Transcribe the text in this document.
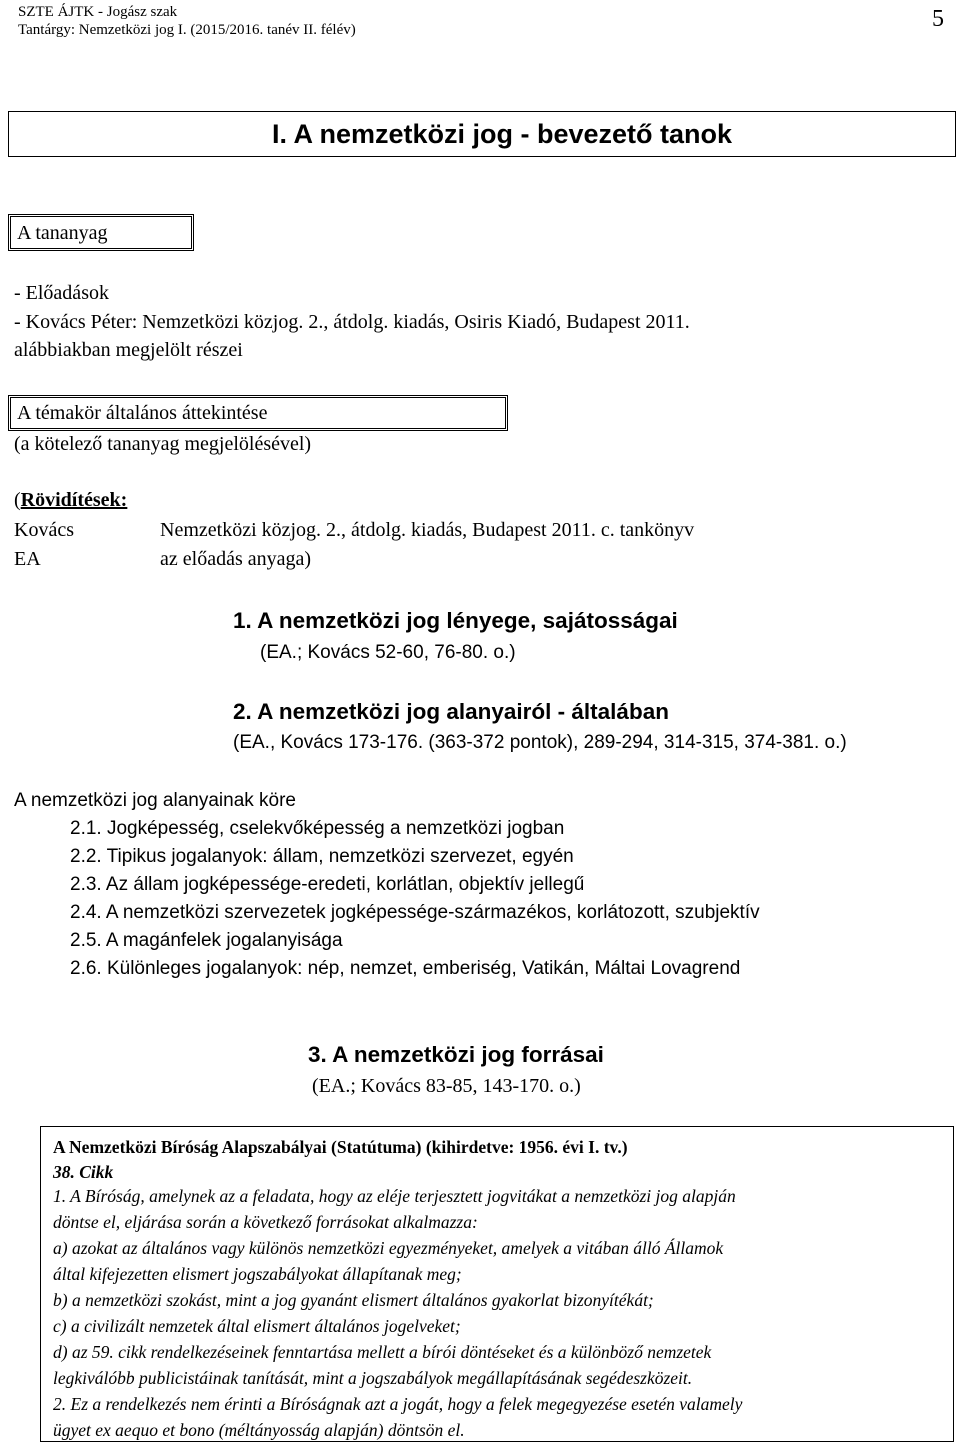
SZTE ÁJTK - Jogász szak
Tantárgy: Nemzetközi jog I. (2015/2016. tanév II. félév)	5
I. A nemzetközi jog - bevezető tanok
A tananyag
- Előadások
- Kovács Péter: Nemzetközi közjog. 2., átdolg. kiadás, Osiris Kiadó, Budapest 2011.
alábbiakban megjelölt részei
A témakör általános áttekintése
(a kötelező tananyag megjelölésével)
(Rövidítések:
Kovács	Nemzetközi közjog. 2., átdolg. kiadás, Budapest 2011. c. tankönyv
EA	az előadás anyaga)
1. A nemzetközi jog lényege, sajátosságai
(EA.; Kovács 52-60, 76-80. o.)
2. A nemzetközi jog alanyairól - általában
(EA., Kovács 173-176. (363-372 pontok), 289-294, 314-315, 374-381. o.)
A nemzetközi jog alanyainak köre
2.1. Jogképesség, cselekvőképesség a nemzetközi jogban
2.2. Tipikus jogalanyok: állam, nemzetközi szervezet, egyén
2.3. Az állam jogképessége-eredeti, korlátlan, objektív jellegű
2.4. A nemzetközi szervezetek jogképessége-származékos, korlátozott, szubjektív
2.5. A magánfelek jogalanyisága
2.6. Különleges jogalanyok: nép, nemzet, emberiség, Vatikán, Máltai Lovagrend
3. A nemzetközi jog forrásai
(EA.; Kovács 83-85, 143-170. o.)
A Nemzetközi Bíróság Alapszabályai (Statútuma) (kihirdetve: 1956. évi I. tv.)
38. Cikk
1. A Bíróság, amelynek az a feladata, hogy az eléje terjesztett jogvitákat a nemzetközi jog alapján
döntse el, eljárása során a következő forrásokat alkalmazza:
a) azokat az általános vagy különös nemzetközi egyezményeket, amelyek a vitában álló Államok
által kifejezetten elismert jogszabályokat állapítanak meg;
b) a nemzetközi szokást, mint a jog gyanánt elismert általános gyakorlat bizonyítékát;
c) a civilizált nemzetek által elismert általános jogelveket;
d) az 59. cikk rendelkezéseinek fenntartása mellett a bírói döntéseket és a különböző nemzetek
legkiválóbb publicistáinak tanítását, mint a jogszabályok megállapításának segédeszközeit.
2. Ez a rendelkezés nem érinti a Bíróságnak azt a jogát, hogy a felek megegyezése esetén valamely
ügyet ex aequo et bono (méltányosság alapján) döntsön el.
